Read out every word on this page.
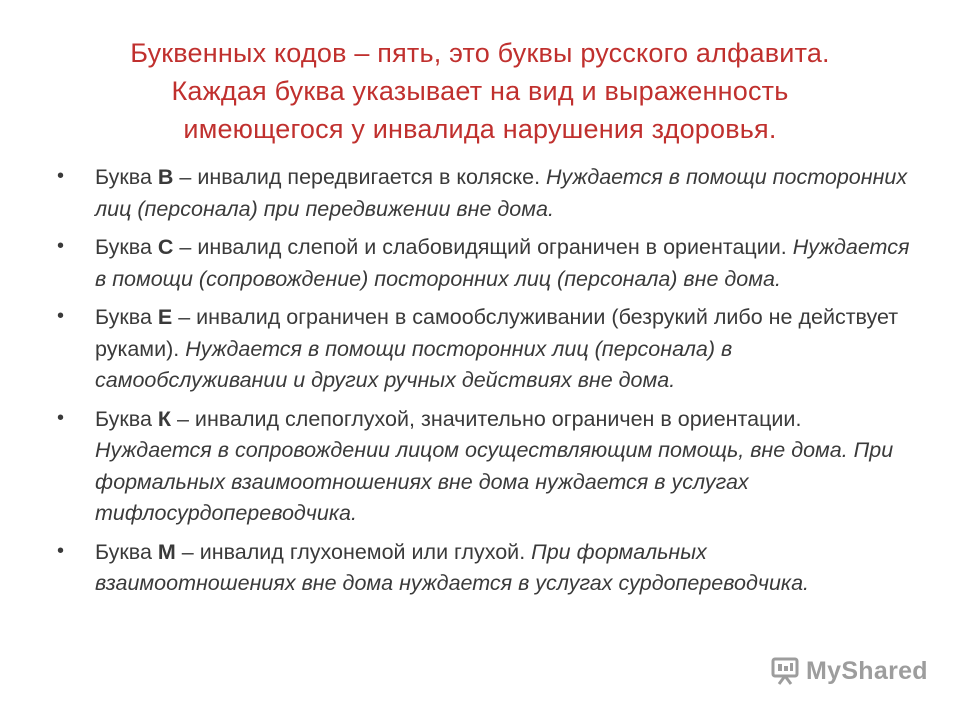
Буквенных кодов – пять, это буквы русского алфавита.
Каждая буква указывает на вид и выраженность
имеющегося у инвалида нарушения здоровья.
• Буква В – инвалид передвигается в коляске. Нуждается в помощи посторонних лиц (персонала) при передвижении вне дома.
• Буква С – инвалид слепой и слабовидящий ограничен в ориентации. Нуждается в помощи (сопровождение) посторонних лиц (персонала) вне дома.
• Буква Е – инвалид ограничен в самообслуживании (безрукий либо не действует руками). Нуждается в помощи посторонних лиц (персонала) в самообслуживании и других ручных действиях вне дома.
• Буква К – инвалид слепоглухой, значительно ограничен в ориентации. Нуждается в сопровождении лицом осуществляющим помощь, вне дома. При формальных взаимоотношениях вне дома нуждается в услугах тифлосурдопереводчика.
• Буква М – инвалид глухонемой или глухой. При формальных взаимоотношениях вне дома нуждается в услугах сурдопереводчика.
MyShared
